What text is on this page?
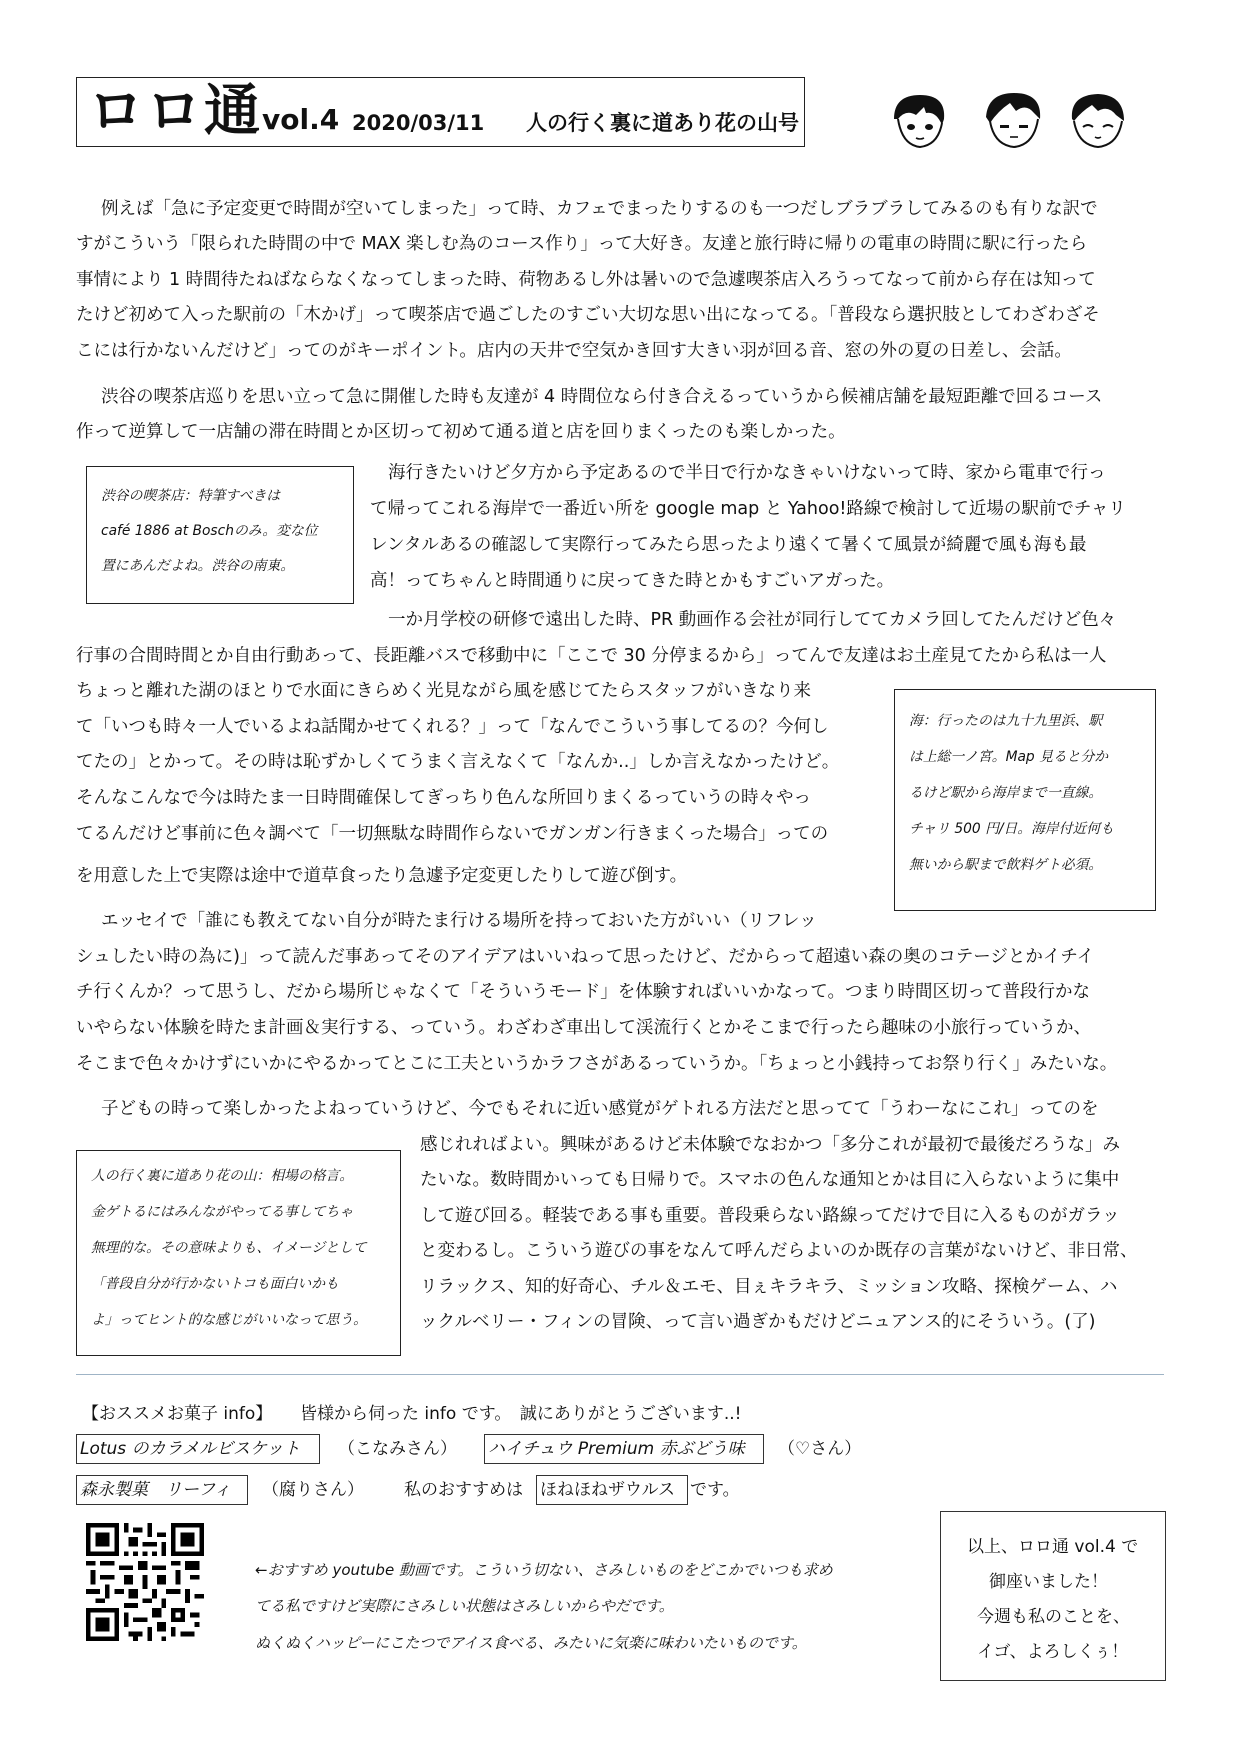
ロロ通 vol.4 2020/03/11 人の行く裏に道あり花の山号
例えば「急に予定変更で時間が空いてしまった」って時、カフェでまったりするのも一つだしブラブラしてみるのも有りな訳で
すがこういう「限られた時間の中で MAX 楽しむ為のコース作り」って大好き。友達と旅行時に帰りの電車の時間に駅に行ったら
事情により 1 時間待たねばならなくなってしまった時、荷物あるし外は暑いので急遽喫茶店入ろうってなって前から存在は知って
たけど初めて入った駅前の「木かげ」って喫茶店で過ごしたのすごい大切な思い出になってる。「普段なら選択肢としてわざわざそ
こには行かないんだけど」ってのがキーポイント。店内の天井で空気かき回す大きい羽が回る音、窓の外の夏の日差し、会話。
渋谷の喫茶店巡りを思い立って急に開催した時も友達が 4 時間位なら付き合えるっていうから候補店舗を最短距離で回るコース
作って逆算して一店舗の滞在時間とか区切って初めて通る道と店を回りまくったのも楽しかった。
海行きたいけど夕方から予定あるので半日で行かなきゃいけないって時、家から電車で行っ
て帰ってこれる海岸で一番近い所を google map と Yahoo!路線で検討して近場の駅前でチャリ
レンタルあるの確認して実際行ってみたら思ったより遠くて暑くて風景が綺麗で風も海も最
高！ってちゃんと時間通りに戻ってきた時とかもすごいアガった。
一か月学校の研修で遠出した時、PR 動画作る会社が同行しててカメラ回してたんだけど色々
行事の合間時間とか自由行動あって、長距離バスで移動中に「ここで 30 分停まるから」ってんで友達はお土産見てたから私は一人
ちょっと離れた湖のほとりで水面にきらめく光見ながら風を感じてたらスタッフがいきなり来
て「いつも時々一人でいるよね話聞かせてくれる？」って「なんでこういう事してるの？今何し
てたの」とかって。その時は恥ずかしくてうまく言えなくて「なんか..」しか言えなかったけど。
そんなこんなで今は時たま一日時間確保してぎっちり色んな所回りまくるっていうの時々やっ
てるんだけど事前に色々調べて「一切無駄な時間作らないでガンガン行きまくった場合」っての
を用意した上で実際は途中で道草食ったり急遽予定変更したりして遊び倒す。
エッセイで「誰にも教えてない自分が時たま行ける場所を持っておいた方がいい（リフレッ
シュしたい時の為に)」って読んだ事あってそのアイデアはいいねって思ったけど、だからって超遠い森の奥のコテージとかイチイ
チ行くんか？って思うし、だから場所じゃなくて「そういうモード」を体験すればいいかなって。つまり時間区切って普段行かな
いやらない体験を時たま計画＆実行する、っていう。わざわざ車出して渓流行くとかそこまで行ったら趣味の小旅行っていうか、
そこまで色々かけずにいかにやるかってとこに工夫というかラフさがあるっていうか。「ちょっと小銭持ってお祭り行く」みたいな。
子どもの時って楽しかったよねっていうけど、今でもそれに近い感覚がゲトれる方法だと思ってて「うわーなにこれ」ってのを
感じれればよい。興味があるけど未体験でなおかつ「多分これが最初で最後だろうな」み
たいな。数時間かいっても日帰りで。スマホの色んな通知とかは目に入らないように集中
して遊び回る。軽装である事も重要。普段乗らない路線ってだけで目に入るものがガラッ
と変わるし。こういう遊びの事をなんて呼んだらよいのか既存の言葉がないけど、非日常、
リラックス、知的好奇心、チル＆エモ、目ぇキラキラ、ミッション攻略、探検ゲーム、ハ
ックルベリー・フィンの冒険、って言い過ぎかもだけどニュアンス的にそういう。(了)
渋谷の喫茶店：特筆すべきは
café 1886 at Boschのみ。変な位
置にあんだよね。渋谷の南東。
海：行ったのは九十九里浜、駅
は上総一ノ宮。Map 見ると分か
るけど駅から海岸まで一直線。
チャリ 500 円/日。海岸付近何も
無いから駅まで飲料ゲト必須。
人の行く裏に道あり花の山：相場の格言。
金ゲトるにはみんながやってる事してちゃ
無理的な。その意味よりも、イメージとして
「普段自分が行かないトコも面白いかも
よ」ってヒント的な感じがいいなって思う。
【おススメお菓子 info】 皆様から伺った info です。　誠にありがとうございます..!
Lotus のカラメルビスケット	（こなみさん） ハイチュウ Premium 赤ぶどう味	（♡さん）
森永製菓　リーフィ	（腐りさん） 私のおすすめは ほねほねザウルス です。
←おすすめ youtube 動画です。こういう切ない、さみしいものをどこかでいつも求め
てる私ですけど実際にさみしい状態はさみしいからやだです。
ぬくぬくハッピーにこたつでアイス食べる、みたいに気楽に味わいたいものです。
以上、ロロ通 vol.4 で
御座いました！
今週も私のことを、
イゴ、よろしくぅ！
